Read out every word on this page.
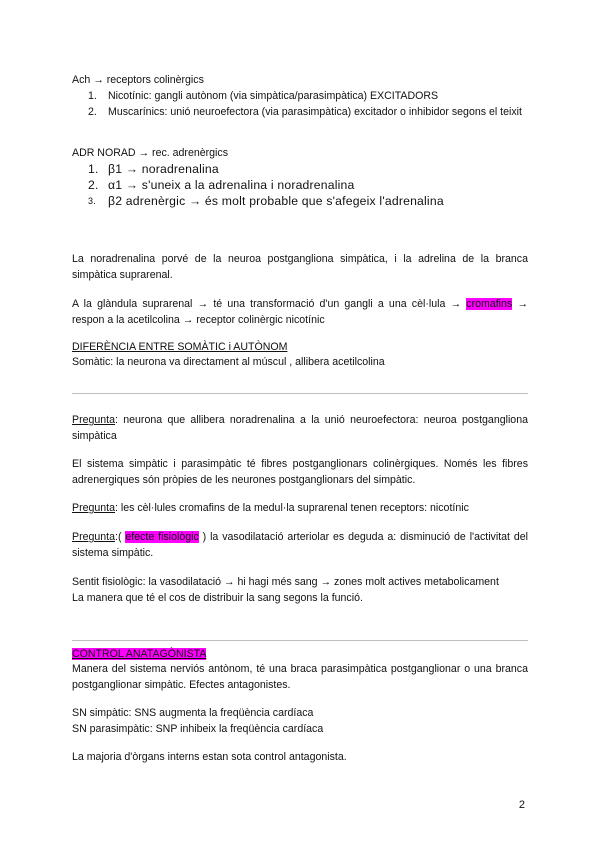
Ach → receptors colinèrgics

1. Nicotínic: gangli autònom (via simpàtica/parasimpàtica) EXCITADORS
2. Muscarínics: unió neuroefectora (via parasimpàtica) excitador o inhibidor segons el teixit

ADR NORAD → rec. adrenèrgics

1. β1 → noradrenalina
2. α1 → s'uneix a la adrenalina i noradrenalina
3. β2 adrenèrgic → és molt probable que s'afegeix l'adrenalina

La noradrenalina porvé de la neuroa postgangliona simpàtica, i la adrelina de la branca simpàtica suprarenal.

A la glàndula suprarenal → té una transformació d'un gangli a una cèl·lula → cromafins → respon a la acetilcolina → receptor colinèrgic nicotínic

DIFERÈNCIA ENTRE SOMÀTIC i AUTÒNOM

Somàtic: la neurona va directament al múscul , allibera acetilcolina

Pregunta: neurona que allibera noradrenalina a la unió neuroefectora: neuroa postgangliona simpàtica

El sistema simpàtic i parasimpàtic té fibres postganglionars colinèrgiques. Només les fibres adrenergiques són pròpies de les neurones postganglionars del simpàtic.

Pregunta: les cèl·lules cromafins de la medul·la suprarenal tenen receptors: nicotínic

Pregunta:( efecte fisiològic ) la vasodilatació arteriolar es deguda a: disminució de l'activitat del sistema simpàtic.

Sentit fisiològic: la vasodilatació → hi hagi més sang → zones molt actives metabolicament

La manera que té el cos de distribuir la sang segons la funció.

CONTROL ANATAGÒNISTA

Manera del sistema nerviós antònom, té una braca parasimpàtica postganglionar o una branca postganglionar simpàtic. Efectes antagonistes.

SN simpàtic: SNS augmenta la freqüència cardíaca

SN parasimpàtic: SNP inhibeix la freqüència cardíaca

La majoria d'òrgans interns estan sota control antagonista.

2
